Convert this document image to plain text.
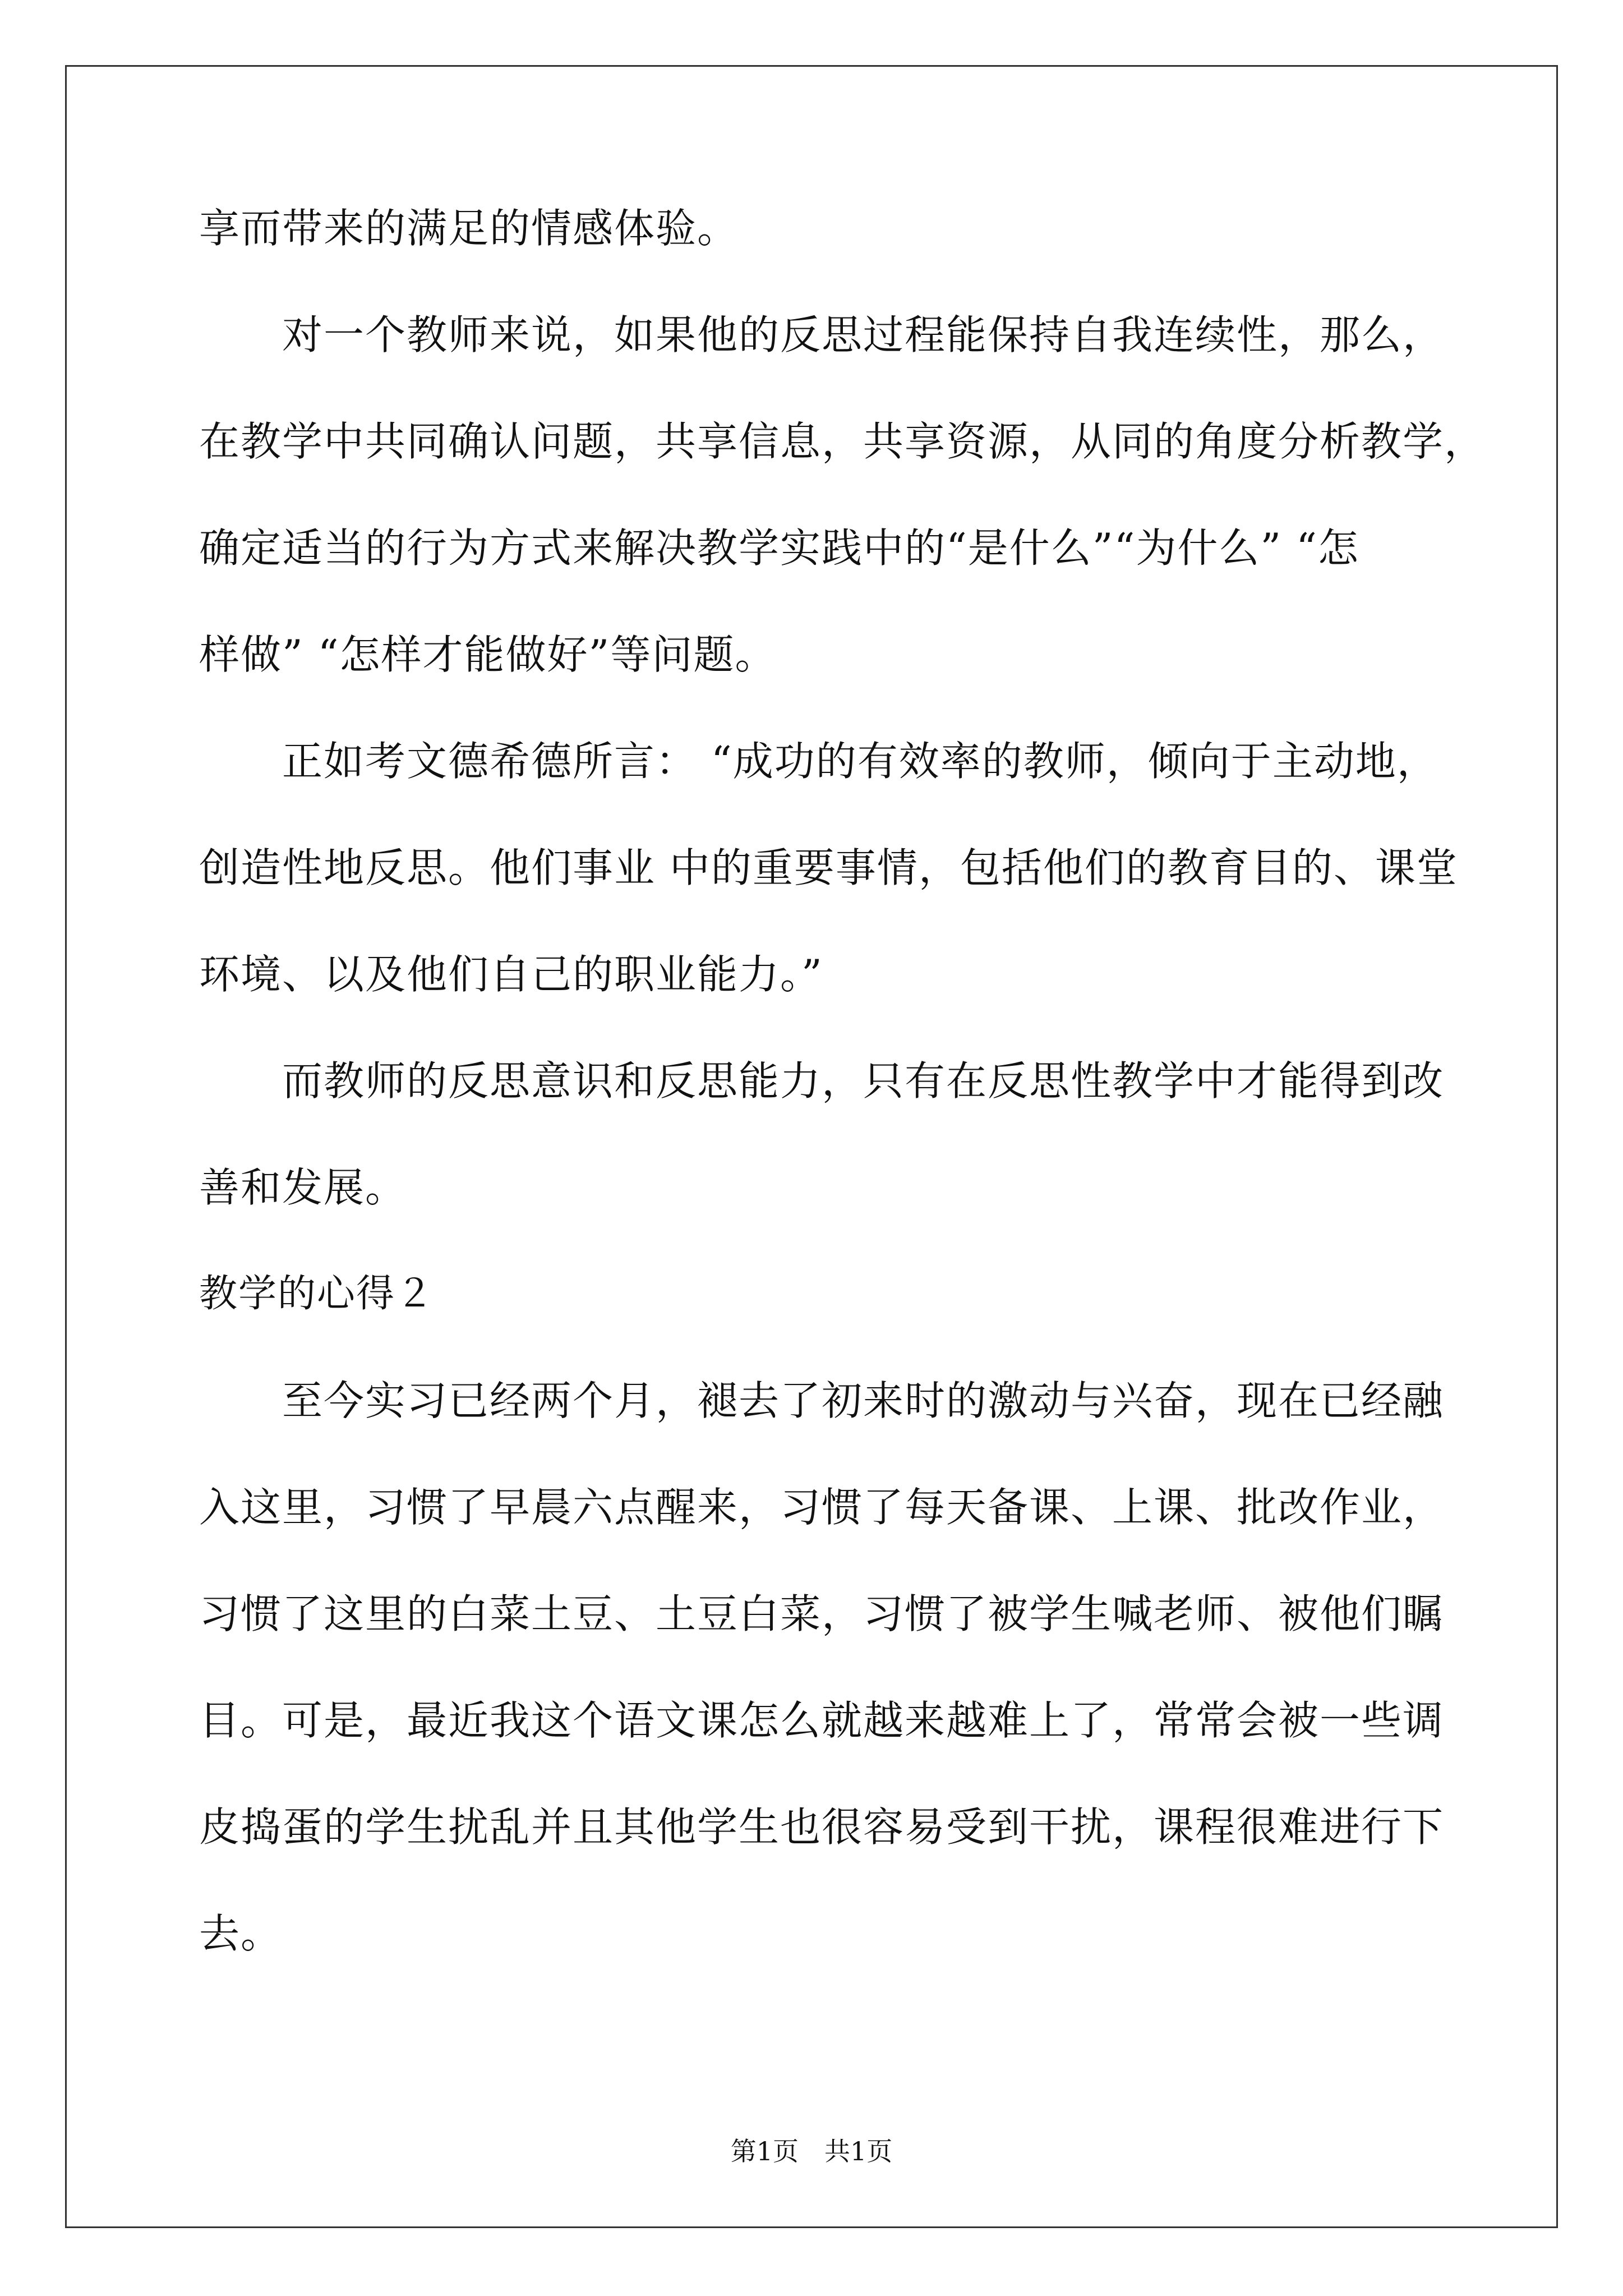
享而带来的满足的情感体验。
　　对一个教师来说，如果他的反思过程能保持自我连续性，那么，
在教学中共同确认问题，共享信息，共享资源，从同的角度分析教学，
确定适当的行为方式来解决教学实践中的“是什么”“为什么” “怎
样做” “怎样才能做好”等问题。
　　正如考文德希德所言： “成功的有效率的教师，倾向于主动地，
创造性地反思。他们事业 中的重要事情，包括他们的教育目的、课堂
环境、以及他们自己的职业能力。”
　　而教师的反思意识和反思能力，只有在反思性教学中才能得到改
善和发展。
教学的心得２
　　至今实习已经两个月，褪去了初来时的激动与兴奋，现在已经融
入这里，习惯了早晨六点醒来，习惯了每天备课、上课、批改作业，
习惯了这里的白菜土豆、土豆白菜，习惯了被学生喊老师、被他们瞩
目。可是，最近我这个语文课怎么就越来越难上了，常常会被一些调
皮捣蛋的学生扰乱并且其他学生也很容易受到干扰，课程很难进行下
去。
第1页　共1页
